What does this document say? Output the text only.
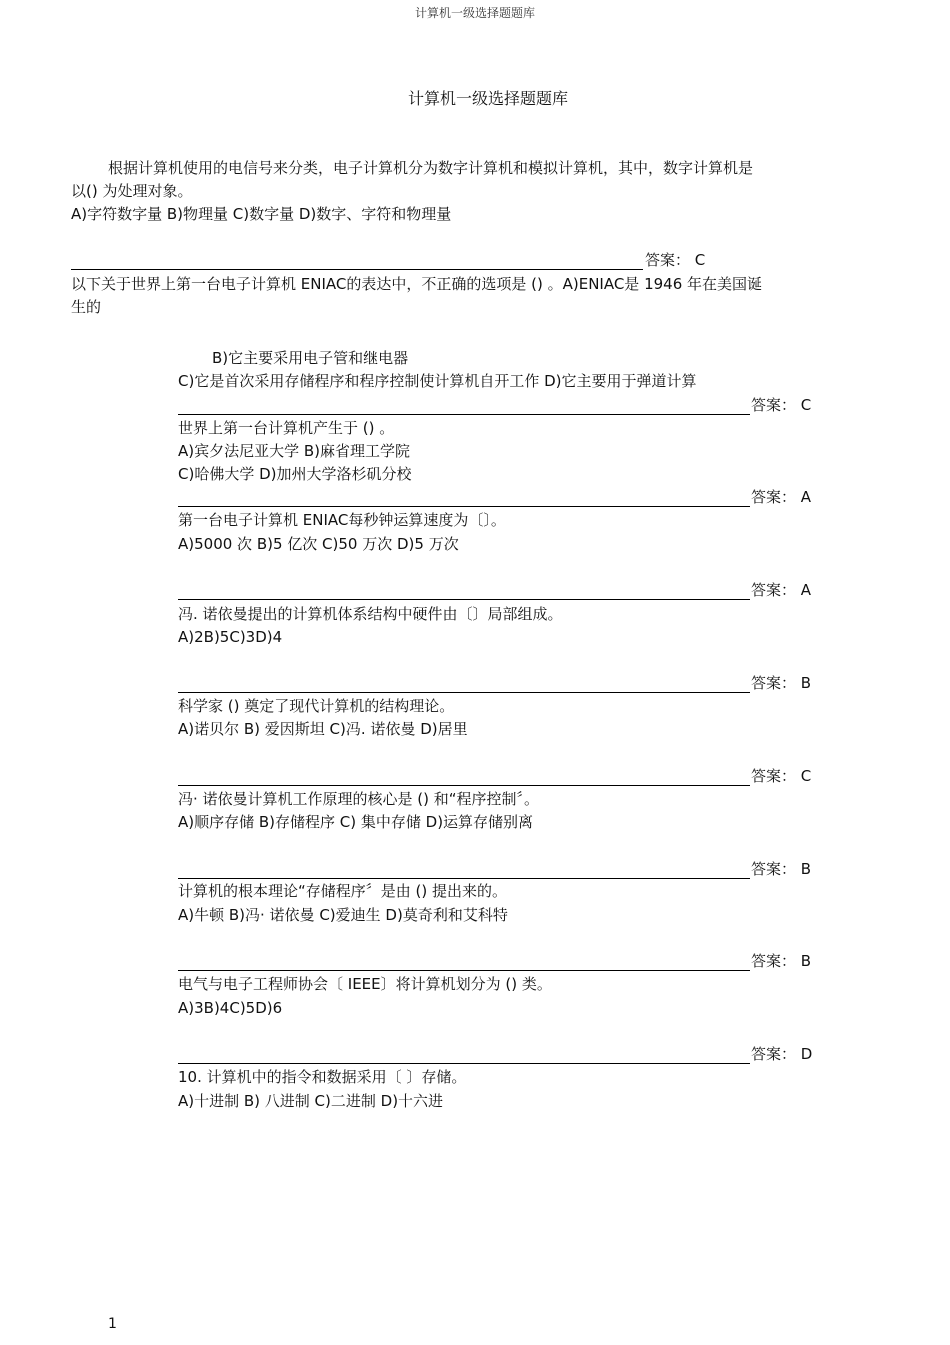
计算机一级选择题题库
计算机一级选择题题库
根据计算机使用的电信号来分类，电子计算机分为数字计算机和模拟计算机，其中，数字计算机是
以() 为处理对象。
A)字符数字量 B)物理量 C)数字量 D)数字、字符和物理量
答案： C
以下关于世界上第一台电子计算机 ENIAC的表达中，不正确的选项是 () 。A)ENIAC是 1946 年在美国诞
生的
B)它主要采用电子管和继电器
C)它是首次采用存储程序和程序控制使计算机自开工作 D)它主要用于弹道计算
答案： C
世界上第一台计算机产生于 () 。
A)宾夕法尼亚大学 B)麻省理工学院
C)哈佛大学 D)加州大学洛杉矶分校
答案： A
第一台电子计算机 ENIAC每秒钟运算速度为〔〕。
A)5000 次 B)5 亿次 C)50 万次 D)5 万次
答案： A
冯. 诺依曼提出的计算机体系结构中硬件由〔〕局部组成。
A)2B)5C)3D)4
答案： B
科学家 () 奠定了现代计算机的结构理论。
A)诺贝尔 B) 爱因斯坦 C)冯. 诺依曼 D)居里
答案： C
冯· 诺依曼计算机工作原理的核心是 () 和“程序控制〞。
A)顺序存储 B)存储程序 C) 集中存储 D)运算存储别离
答案： B
计算机的根本理论“存储程序〞是由 () 提出来的。
A)牛顿 B)冯· 诺依曼 C)爱迪生 D)莫奇利和艾科特
答案： B
电气与电子工程师协会〔 IEEE〕将计算机划分为 () 类。
A)3B)4C)5D)6
答案： D
10. 计算机中的指令和数据采用〔 〕存储。
A)十进制 B) 八进制 C)二进制 D)十六进
1
